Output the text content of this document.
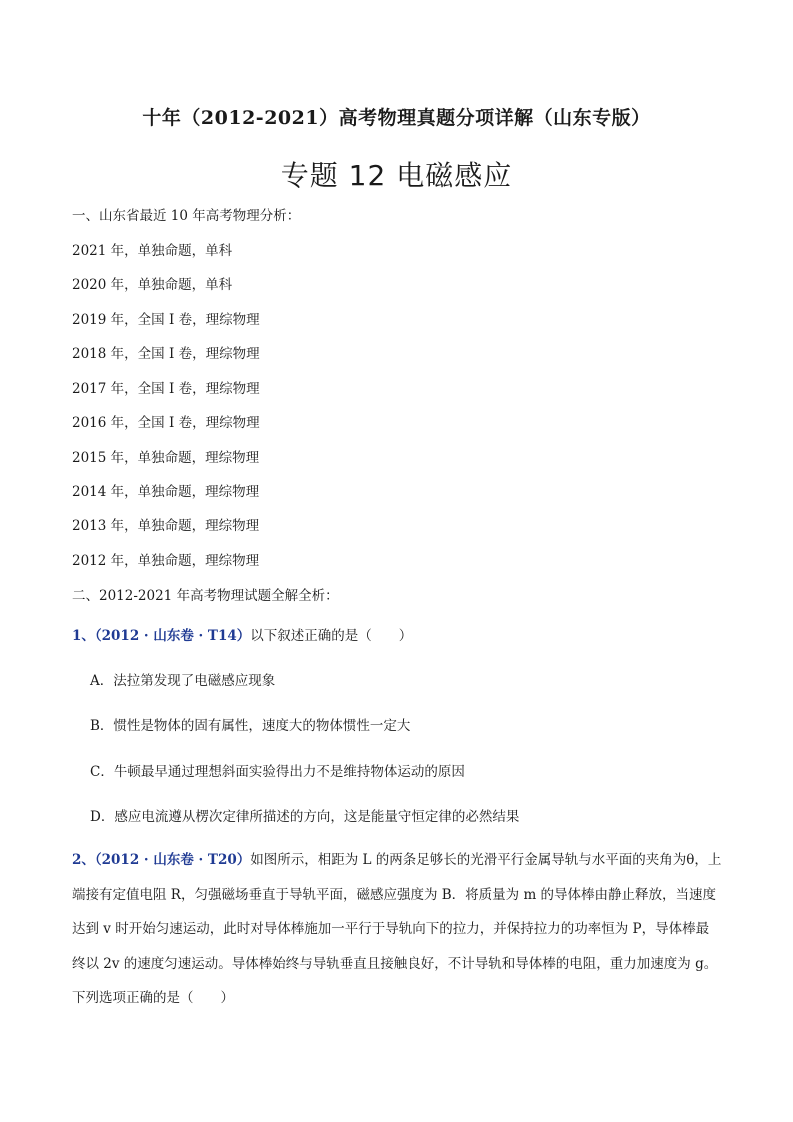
十年（2012-2021）高考物理真题分项详解（山东专版）
专题 12 电磁感应
一、山东省最近 10 年高考物理分析：
2021 年，单独命题，单科
2020 年，单独命题，单科
2019 年，全国 I 卷，理综物理
2018 年，全国 I 卷，理综物理
2017 年，全国 I 卷，理综物理
2016 年，全国 I 卷，理综物理
2015 年，单独命题，理综物理
2014 年，单独命题，理综物理
2013 年，单独命题，理综物理
2012 年，单独命题，理综物理
二、2012-2021 年高考物理试题全解全析：
1、（2012 · 山东卷 · T14）以下叙述正确的是（　　）
A．法拉第发现了电磁感应现象
B．惯性是物体的固有属性，速度大的物体惯性一定大
C．牛顿最早通过理想斜面实验得出力不是维持物体运动的原因
D．感应电流遵从楞次定律所描述的方向，这是能量守恒定律的必然结果
2、（2012 · 山东卷 · T20）如图所示，相距为 L 的两条足够长的光滑平行金属导轨与水平面的夹角为θ，上端接有定值电阻 R，匀强磁场垂直于导轨平面，磁感应强度为 B．将质量为 m 的导体棒由静止释放，当速度达到 v 时开始匀速运动，此时对导体棒施加一平行于导轨向下的拉力，并保持拉力的功率恒为 P，导体棒最终以 2v 的速度匀速运动。导体棒始终与导轨垂直且接触良好，不计导轨和导体棒的电阻，重力加速度为 g。下列选项正确的是（　　）
